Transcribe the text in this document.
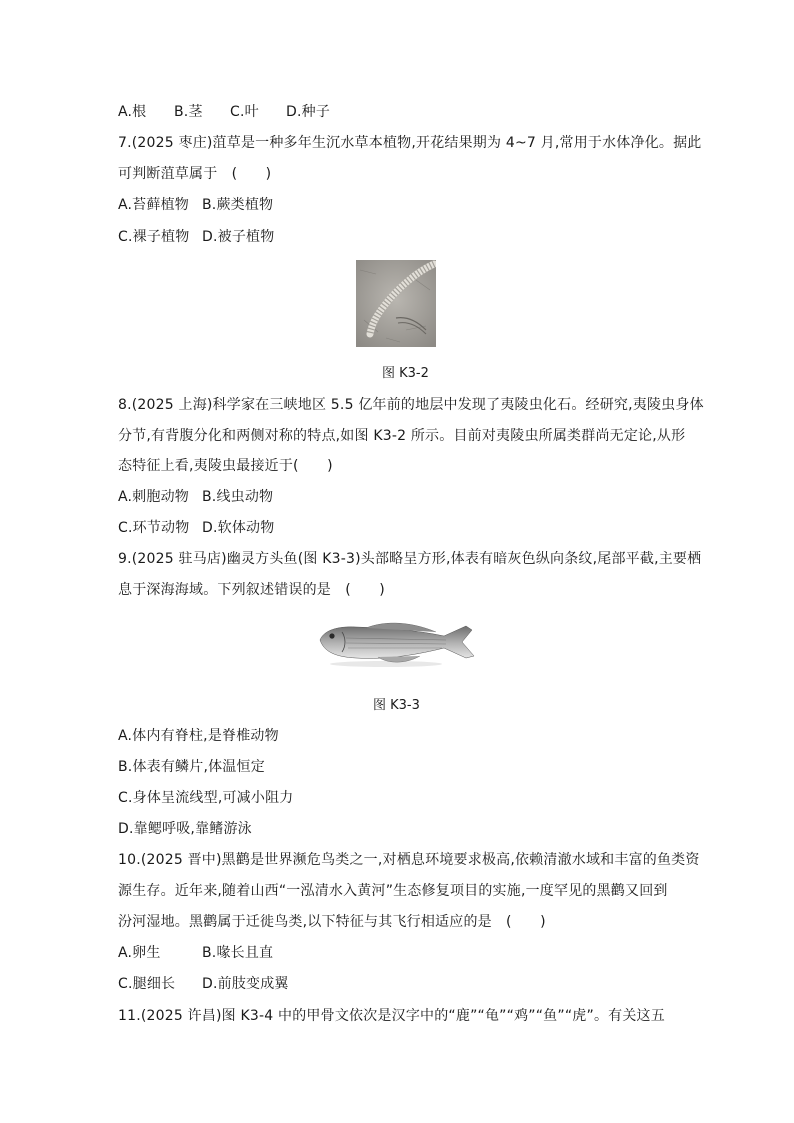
A.根 B.茎 C.叶 D.种子
7.(2025 枣庄)菹草是一种多年生沉水草本植物,开花结果期为 4~7 月,常用于水体净化。据此
可判断菹草属于　(　　)
A.苔藓植物 B.蕨类植物
C.裸子植物 D.被子植物
图 K3-2
8.(2025 上海)科学家在三峡地区 5.5 亿年前的地层中发现了夷陵虫化石。经研究,夷陵虫身体
分节,有背腹分化和两侧对称的特点,如图 K3-2 所示。目前对夷陵虫所属类群尚无定论,从形
态特征上看,夷陵虫最接近于(　　)
A.刺胞动物 B.线虫动物
C.环节动物 D.软体动物
9.(2025 驻马店)幽灵方头鱼(图 K3-3)头部略呈方形,体表有暗灰色纵向条纹,尾部平截,主要栖
息于深海海域。下列叙述错误的是　(　　)
图 K3-3
A.体内有脊柱,是脊椎动物
B.体表有鳞片,体温恒定
C.身体呈流线型,可减小阻力
D.靠鳃呼吸,靠鳍游泳
10.(2025 晋中)黑鹳是世界濒危鸟类之一,对栖息环境要求极高,依赖清澈水域和丰富的鱼类资
源生存。近年来,随着山西“一泓清水入黄河”生态修复项目的实施,一度罕见的黑鹳又回到
汾河湿地。黑鹳属于迁徙鸟类,以下特征与其飞行相适应的是　(　　)
A.卵生	B.喙长且直
C.腿细长 D.前肢变成翼
11.(2025 许昌)图 K3-4 中的甲骨文依次是汉字中的“鹿”“龟”“鸡”“鱼”“虎”。有关这五
